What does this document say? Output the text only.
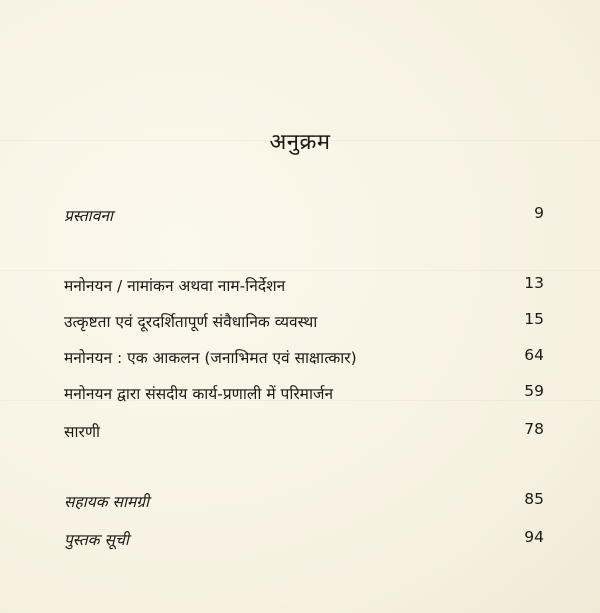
अनुक्रम
प्रस्तावना	9
मनोनयन / नामांकन अथवा नाम-निर्देशन	13
उत्कृष्टता एवं दूरदर्शितापूर्ण संवैधानिक व्यवस्था	15
मनोनयन : एक आकलन (जनाभिमत एवं साक्षात्कार)	64
मनोनयन द्वारा संसदीय कार्य-प्रणाली में परिमार्जन	59
सारणी	78
सहायक सामग्री	85
पुस्तक सूची	94
